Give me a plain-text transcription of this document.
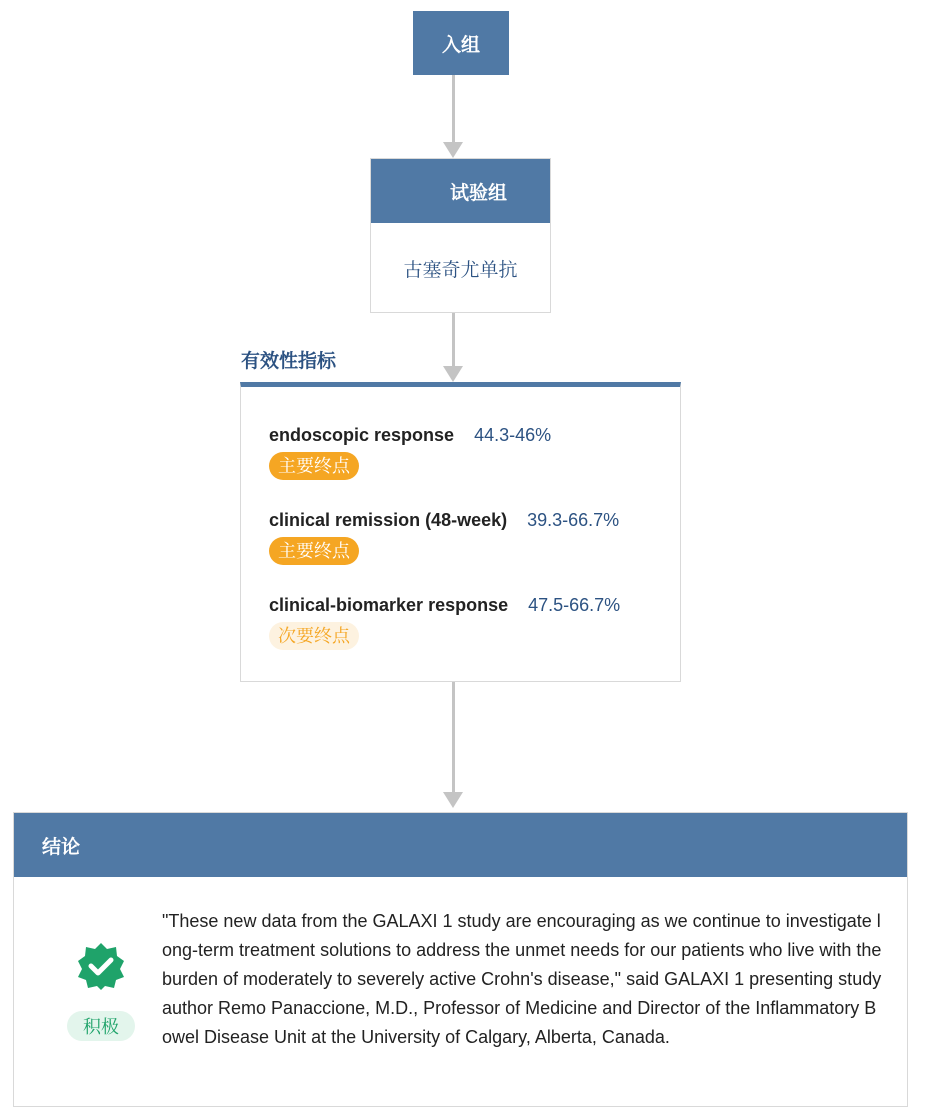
入组
试验组
古塞奇尤单抗
有效性指标
endoscopic response 44.3-46%
主要终点
clinical remission (48-week) 39.3-66.7%
主要终点
clinical-biomarker response 47.5-66.7%
次要终点
结论
积极
"These new data from the GALAXI 1 study are encouraging as we continue to investigate long-term treatment solutions to address the unmet needs for our patients who live with the burden of moderately to severely active Crohn's disease," said GALAXI 1 presenting study author Remo Panaccione, M.D., Professor of Medicine and Director of the Inflammatory Bowel Disease Unit at the University of Calgary, Alberta, Canada.
